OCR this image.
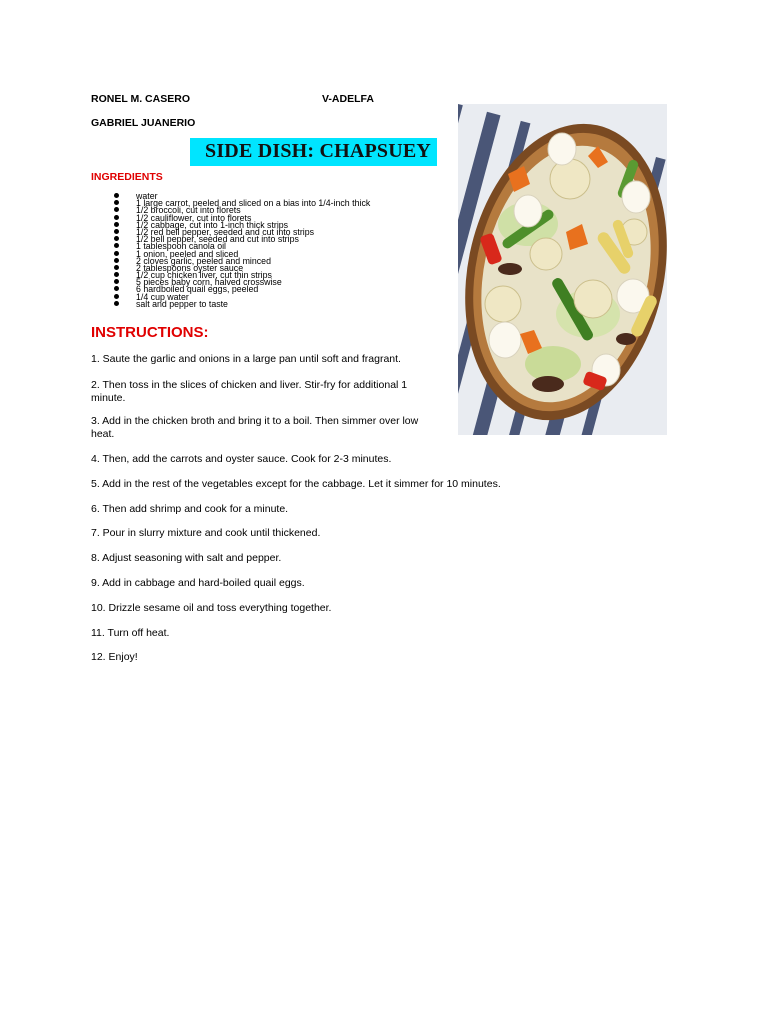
RONEL M. CASERO
GABRIEL JUANERIO
V-ADELFA
SIDE DISH: CHAPSUEY
INGREDIENTS
water
1 large carrot, peeled and sliced on a bias into 1/4-inch thick
1/2 broccoli, cut into florets
1/2 cauliflower, cut into florets
1/2 cabbage, cut into 1-inch thick strips
1/2 red bell pepper, seeded and cut into strips
1/2 bell pepper, seeded and cut into strips
1 tablespoon canola oil
1 onion, peeled and sliced
2 cloves garlic, peeled and minced
2 tablespoons oyster sauce
1/2 cup chicken liver, cut thin strips
5 pieces baby corn, halved crosswise
6 hardboiled quail eggs, peeled
1/4 cup water
salt and pepper to taste
INSTRUCTIONS:
1. Saute the garlic and onions in a large pan until soft and fragrant.
2. Then toss in the slices of chicken and liver. Stir-fry for additional 1 minute.
3. Add in the chicken broth and bring it to a boil. Then simmer over low heat.
4. Then, add the carrots and oyster sauce. Cook for 2-3 minutes.
5. Add in the rest of the vegetables except for the cabbage. Let it simmer for 10 minutes.
6. Then add shrimp and cook for a minute.
7. Pour in slurry mixture and cook until thickened.
8. Adjust seasoning with salt and pepper.
9. Add in cabbage and hard-boiled quail eggs.
10. Drizzle sesame oil and toss everything together.
11. Turn off heat.
12. Enjoy!
